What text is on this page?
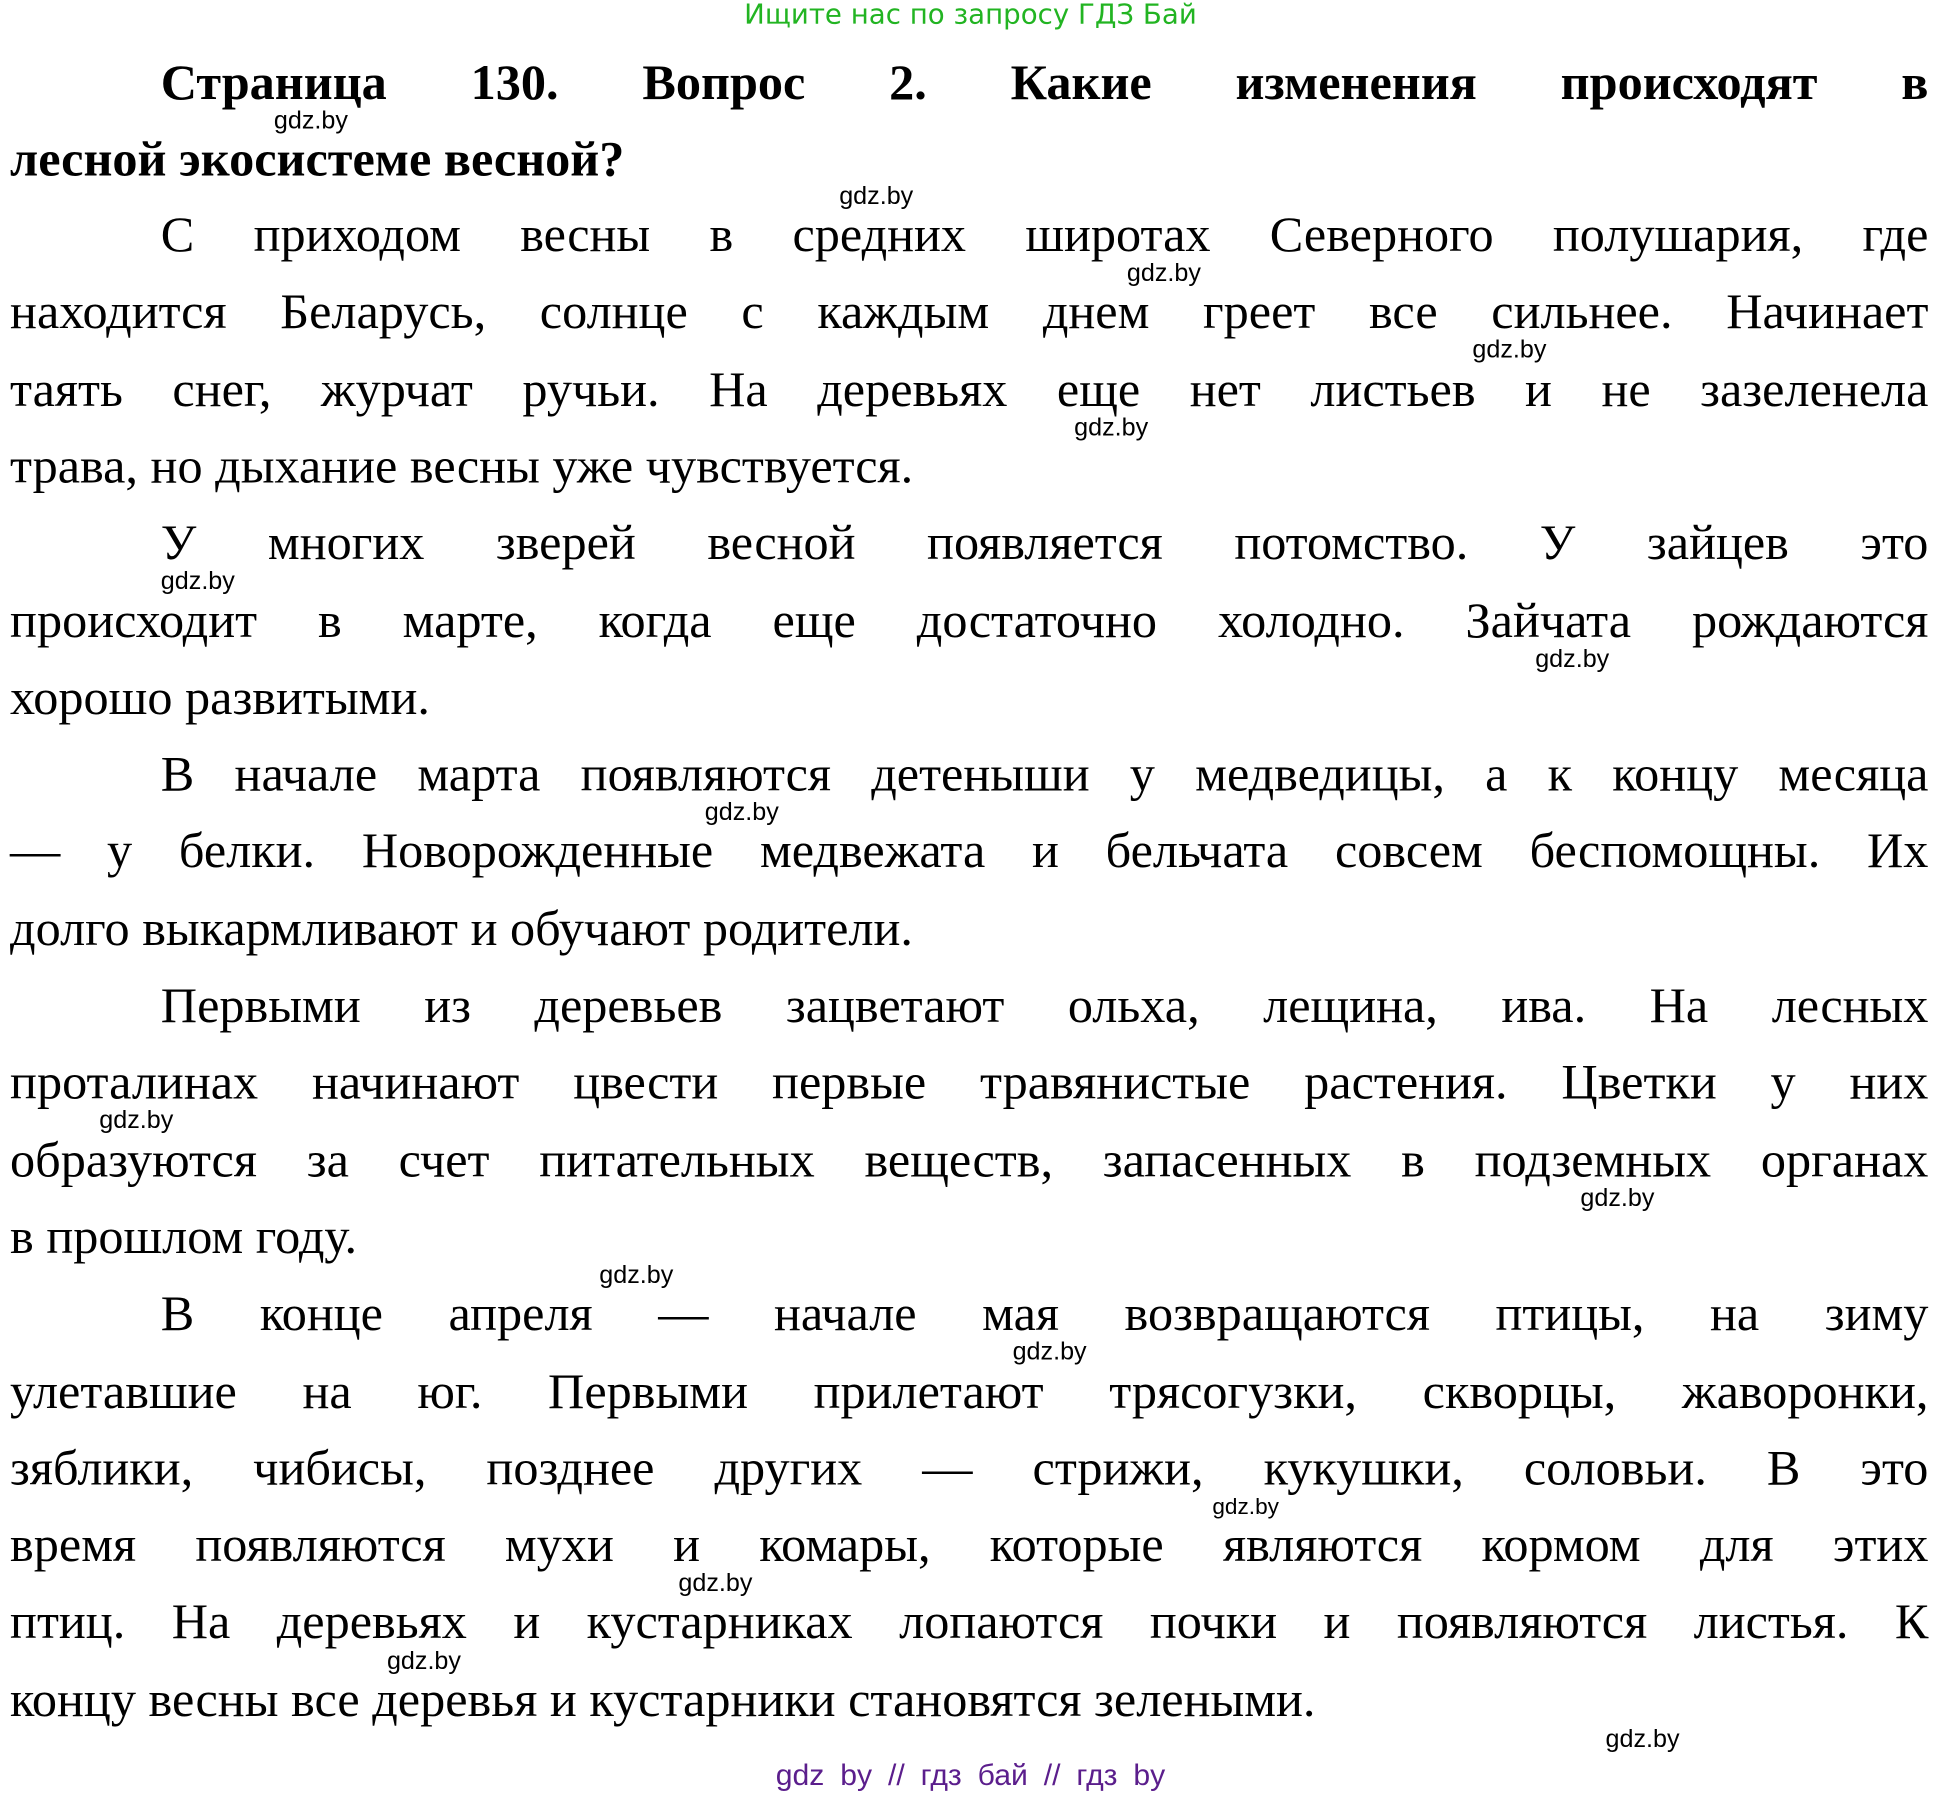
Ищите нас по запросу ГДЗ Бай
Страница 130. Вопрос 2. Какие изменения происходят в
лесной экосистеме весной?
С приходом весны в средних широтах Северного полушария, где
находится Беларусь, солнце с каждым днем греет все сильнее. Начинает
таять снег, журчат ручьи. На деревьях еще нет листьев и не зазеленела
трава, но дыхание весны уже чувствуется.
У многих зверей весной появляется потомство. У зайцев это
происходит в марте, когда еще достаточно холодно. Зайчата рождаются
хорошо развитыми.
В начале марта появляются детеныши у медведицы, а к концу месяца
— у белки. Новорожденные медвежата и бельчата совсем беспомощны. Их
долго выкармливают и обучают родители.
Первыми из деревьев зацветают ольха, лещина, ива. На лесных
проталинах начинают цвести первые травянистые растения. Цветки у них
образуются за счет питательных веществ, запасенных в подземных органах
в прошлом году.
В конце апреля — начале мая возвращаются птицы, на зиму
улетавшие на юг. Первыми прилетают трясогузки, скворцы, жаворонки,
зяблики, чибисы, позднее других — стрижи, кукушки, соловьи. В это
время появляются мухи и комары, которые являются кормом для этих
птиц. На деревьях и кустарниках лопаются почки и появляются листья. К
концу весны все деревья и кустарники становятся зелеными.
gdz.by
gdz.by
gdz.by
gdz.by
gdz.by
gdz.by
gdz.by
gdz.by
gdz.by
gdz.by
gdz.by
gdz.by
gdz.by
gdz.by
gdz.by
gdz.by
gdz by // гдз бай // гдз by
